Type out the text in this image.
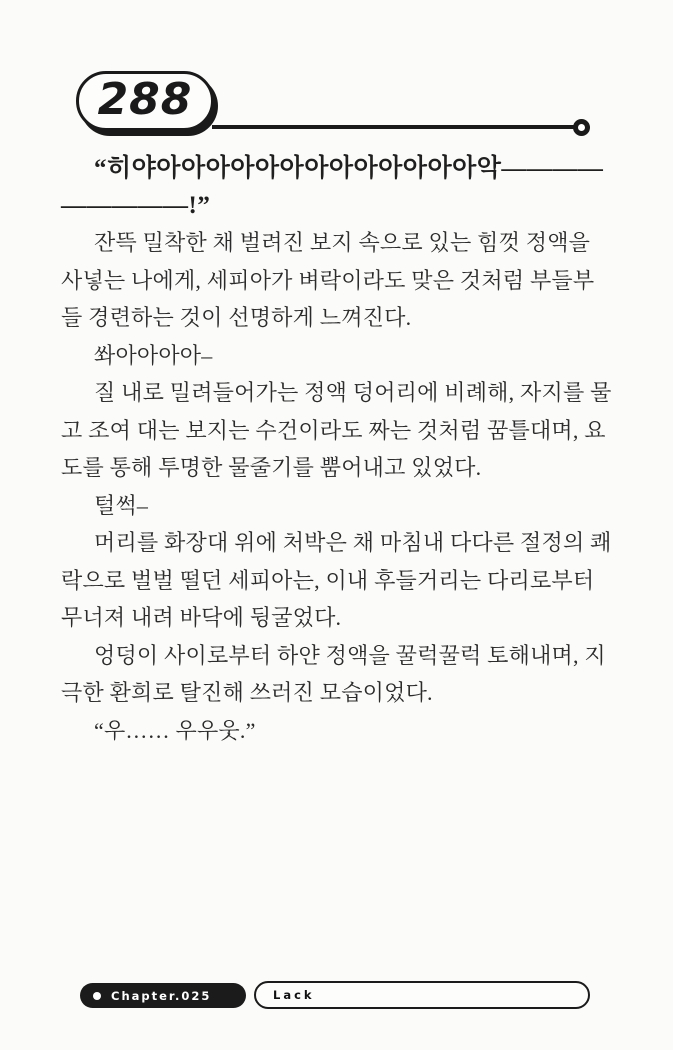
288
“히야아아아아아아아아아아아아아악————
—————!”

잔뜩 밀착한 채 벌려진 보지 속으로 있는 힘껏 정액을 사넣는 나에게, 세피아가 벼락이라도 맞은 것처럼 부들부들 경련하는 것이 선명하게 느껴진다.

쏴아아아아–

질 내로 밀려들어가는 정액 덩어리에 비례해, 자지를 물고 조여 대는 보지는 수건이라도 짜는 것처럼 꿈틀대며, 요도를 통해 투명한 물줄기를 뿜어내고 있었다.

털썩–

머리를 화장대 위에 처박은 채 마침내 다다른 절정의 쾌락으로 벌벌 떨던 세피아는, 이내 후들거리는 다리로부터 무너져 내려 바닥에 뒹굴었다.

엉덩이 사이로부터 하얀 정액을 꿀럭꿀럭 토해내며, 지극한 환희로 탈진해 쓰러진 모습이었다.

“우…… 우우웃.”

Chapter.025	Lack
